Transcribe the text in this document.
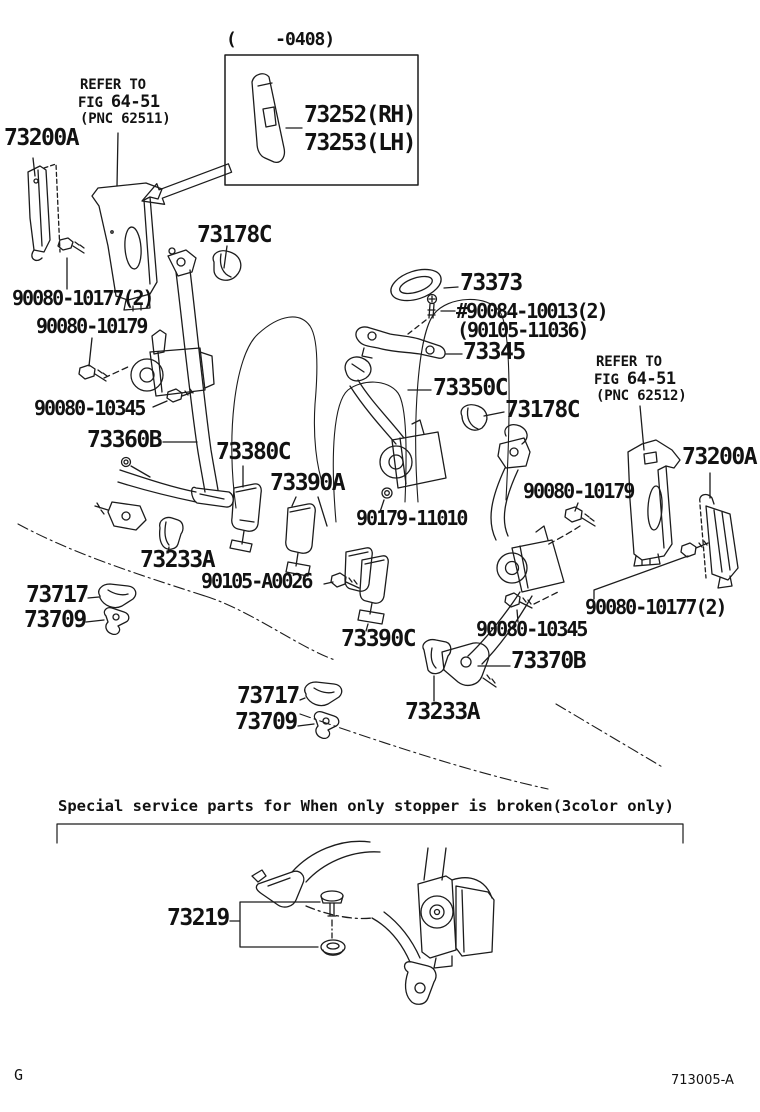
(    -0408)
73252(RH)
73253(LH)
REFER TO
FIG 64-51
(PNC 62511)
73200A
90080-10177(2)
90080-10179
90080-10345
73360B
73178C
73373
#90084-10013(2)
(90105-11036)
73345
73350C
73178C
REFER TO
FIG 64-51
(PNC 62512)
73200A
90080-10179
73380C
73390A
90179-11010
73233A
90105-A0026
73717
73709	90080-10177(2)
90080-10345
73390C
73370B
73233A
73717
73709
Special service parts for When only stopper is broken(3color only)
73219
G	713005-A
